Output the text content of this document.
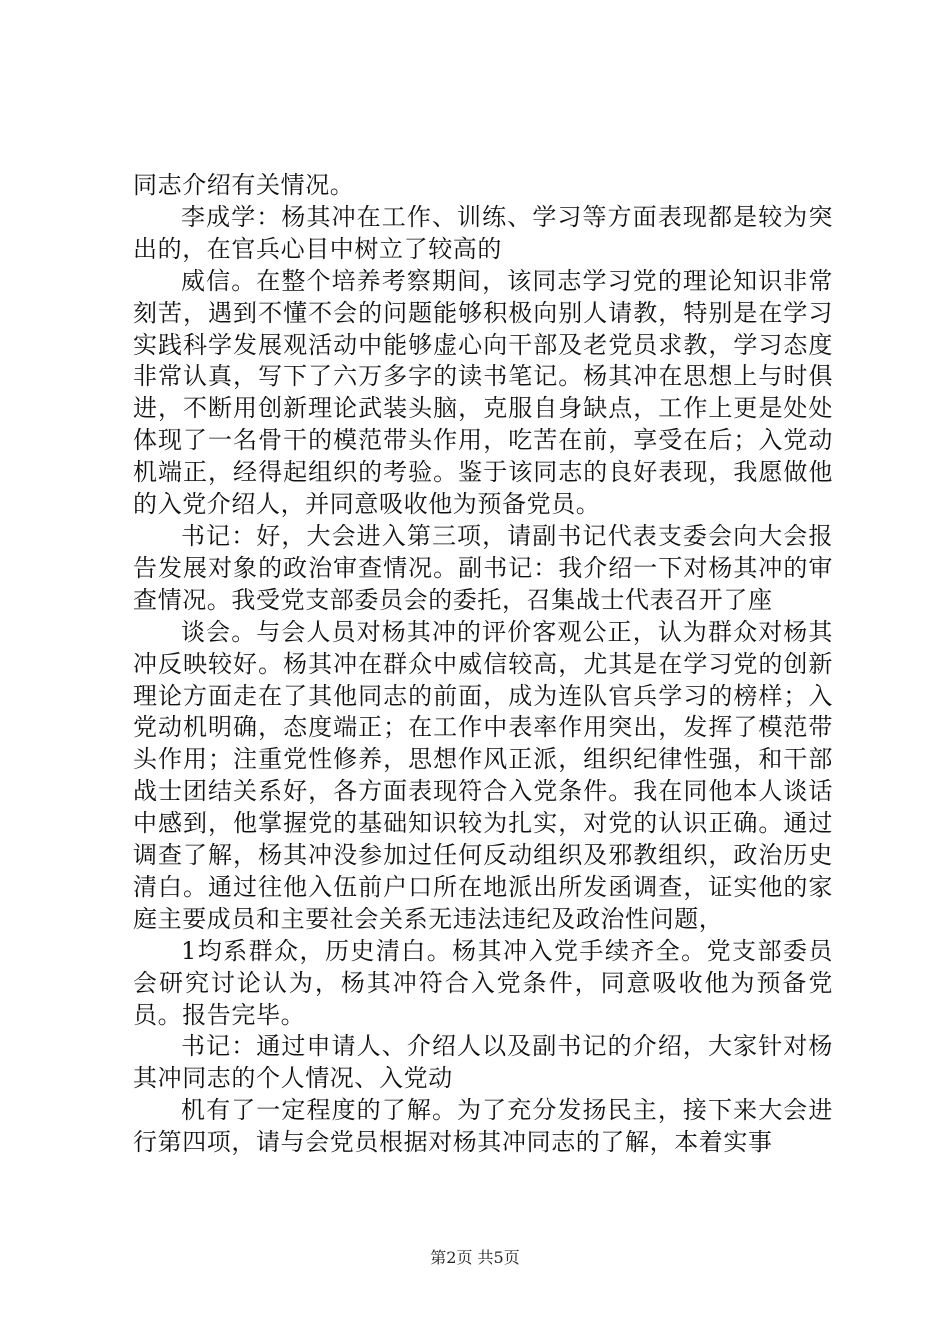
同志介绍有关情况。

李成学：杨其冲在工作、训练、学习等方面表现都是较为突出的，在官兵心目中树立了较高的

威信。在整个培养考察期间，该同志学习党的理论知识非常刻苦，遇到不懂不会的问题能够积极向别人请教，特别是在学习实践科学发展观活动中能够虚心向干部及老党员求教，学习态度非常认真，写下了六万多字的读书笔记。杨其冲在思想上与时俱进，不断用创新理论武装头脑，克服自身缺点，工作上更是处处体现了一名骨干的模范带头作用，吃苦在前，享受在后；入党动机端正，经得起组织的考验。鉴于该同志的良好表现，我愿做他的入党介绍人，并同意吸收他为预备党员。

书记：好，大会进入第三项，请副书记代表支委会向大会报告发展对象的政治审查情况。副书记：我介绍一下对杨其冲的审查情况。我受党支部委员会的委托，召集战士代表召开了座

谈会。与会人员对杨其冲的评价客观公正，认为群众对杨其冲反映较好。杨其冲在群众中威信较高，尤其是在学习党的创新理论方面走在了其他同志的前面，成为连队官兵学习的榜样；入党动机明确，态度端正；在工作中表率作用突出，发挥了模范带头作用；注重党性修养，思想作风正派，组织纪律性强，和干部战士团结关系好，各方面表现符合入党条件。我在同他本人谈话中感到，他掌握党的基础知识较为扎实，对党的认识正确。通过调查了解，杨其冲没参加过任何反动组织及邪教组织，政治历史清白。通过往他入伍前户口所在地派出所发函调查，证实他的家庭主要成员和主要社会关系无违法违纪及政治性问题，

1均系群众，历史清白。杨其冲入党手续齐全。党支部委员会研究讨论认为，杨其冲符合入党条件，同意吸收他为预备党员。报告完毕。

书记：通过申请人、介绍人以及副书记的介绍，大家针对杨其冲同志的个人情况、入党动

机有了一定程度的了解。为了充分发扬民主，接下来大会进行第四项，请与会党员根据对杨其冲同志的了解，本着实事

第2页 共5页
